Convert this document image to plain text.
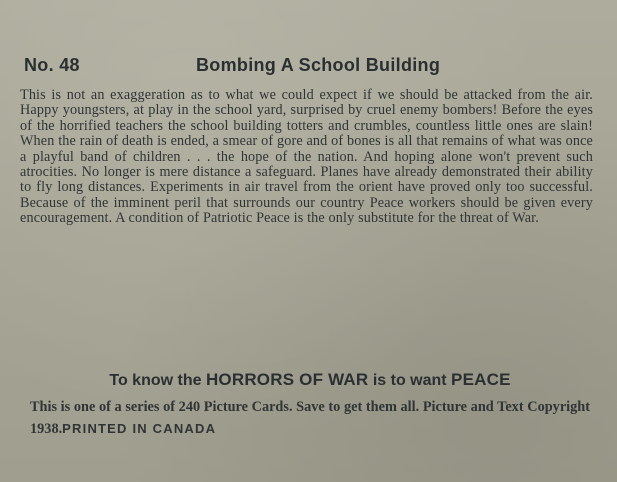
No. 48	Bombing A School Building

This is not an exaggeration as to what we could expect if we should be attacked from the air. Happy youngsters, at play in the school yard, surprised by cruel enemy bombers! Before the eyes of the horrified teachers the school building totters and crumbles, countless little ones are slain! When the rain of death is ended, a smear of gore and of bones is all that remains of what was once a playful band of children . . . the hope of the nation. And hoping alone won't prevent such atrocities. No longer is mere distance a safeguard. Planes have already demonstrated their ability to fly long distances. Experiments in air travel from the orient have proved only too successful. Because of the imminent peril that surrounds our country Peace workers should be given every encouragement. A condition of Patriotic Peace is the only substitute for the threat of War.

To know the HORRORS OF WAR is to want PEACE

This is one of a series of 240 Picture Cards. Save to get them all. Picture and Text Copyright 1938.PRINTED IN CANADA
